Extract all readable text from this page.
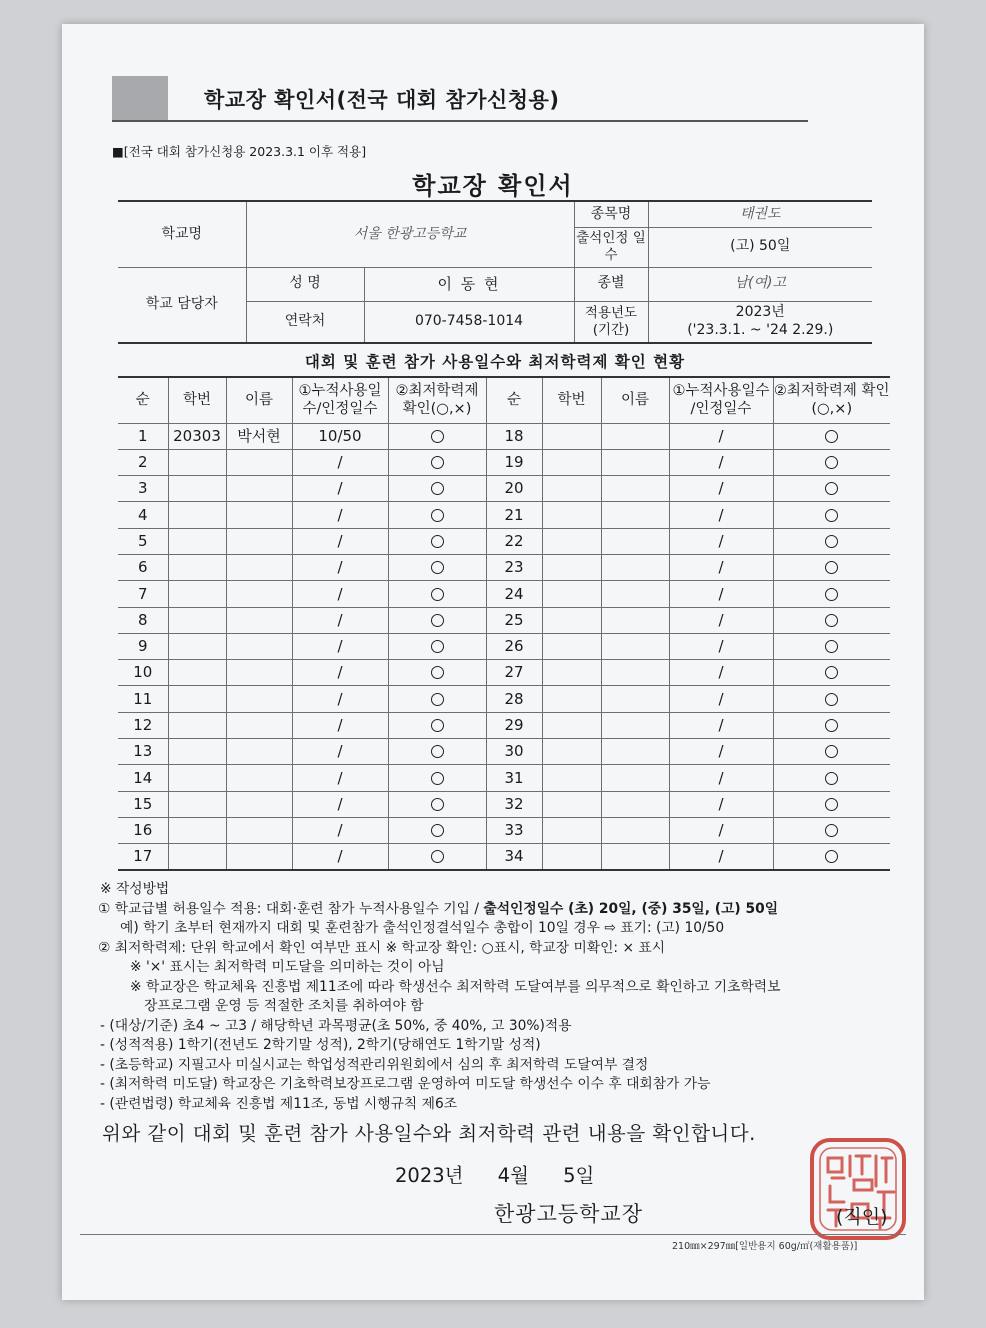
학교장 확인서(전국 대회 참가신청용)
■[전국 대회 참가신청용 2023.3.1 이후 적용]
학교장 확인서
학교명	서울 한광고등학교		종목명	태권도
			출석인정 일수	(고) 50일
학교 담당자	성 명	이 동 현	종별	남(여)고
	연락처	070-7458-1014	적용년도 (기간)	2023년
('23.3.1. ~ '24 2.29.)
대회 및 훈련 참가 사용일수와 최저학력제 확인 현황
순	학번	이름	①누적사용일수/인정일수	②최저학력제 확인(○,×)	순	학번	이름	①누적사용일수 /인정일수	②최저학력제 확인(○,×)
1	20303	박서현	10/50		18			/	
2			/		19			/	
3			/		20			/	
4			/		21			/	
5			/		22			/	
6			/		23			/	
7			/		24			/	
8			/		25			/	
9			/		26			/	
10			/		27			/	
11			/		28			/	
12			/		29			/	
13			/		30			/	
14			/		31			/	
15			/		32			/	
16			/		33			/	
17			/		34			/	
※ 작성방법
① 학교급별 허용일수 적용: 대회·훈련 참가 누적사용일수 기입 / 출석인정일수 (초) 20일, (중) 35일, (고) 50일
예) 학기 초부터 현재까지 대회 및 훈련참가 출석인정결석일수 총합이 10일 경우 ⇨ 표기: (고) 10/50
② 최저학력제: 단위 학교에서 확인 여부만 표시 ※ 학교장 확인: ○표시, 학교장 미확인: × 표시
※ '×' 표시는 최저학력 미도달을 의미하는 것이 아님
※ 학교장은 학교체육 진흥법 제11조에 따라 학생선수 최저학력 도달여부를 의무적으로 확인하고 기초학력보
장프로그램 운영 등 적절한 조치를 취하여야 함
- (대상/기준) 초4 ~ 고3 / 해당학년 과목평균(초 50%, 중 40%, 고 30%)적용
- (성적적용) 1학기(전년도 2학기말 성적), 2학기(당해연도 1학기말 성적)
- (초등학교) 지필고사 미실시교는 학업성적관리위원회에서 심의 후 최저학력 도달여부 결정
- (최저학력 미도달) 학교장은 기초학력보장프로그램 운영하여 미도달 학생선수 이수 후 대회참가 가능
- (관련법령) 학교체육 진흥법 제11조, 동법 시행규칙 제6조
위와 같이 대회 및 훈련 참가 사용일수와 최저학력 관련 내용을 확인합니다.
2023년 4월 5일
한광고등학교장	(직인)
210㎜×297㎜[일반용지 60g/㎡(재활용품)]
